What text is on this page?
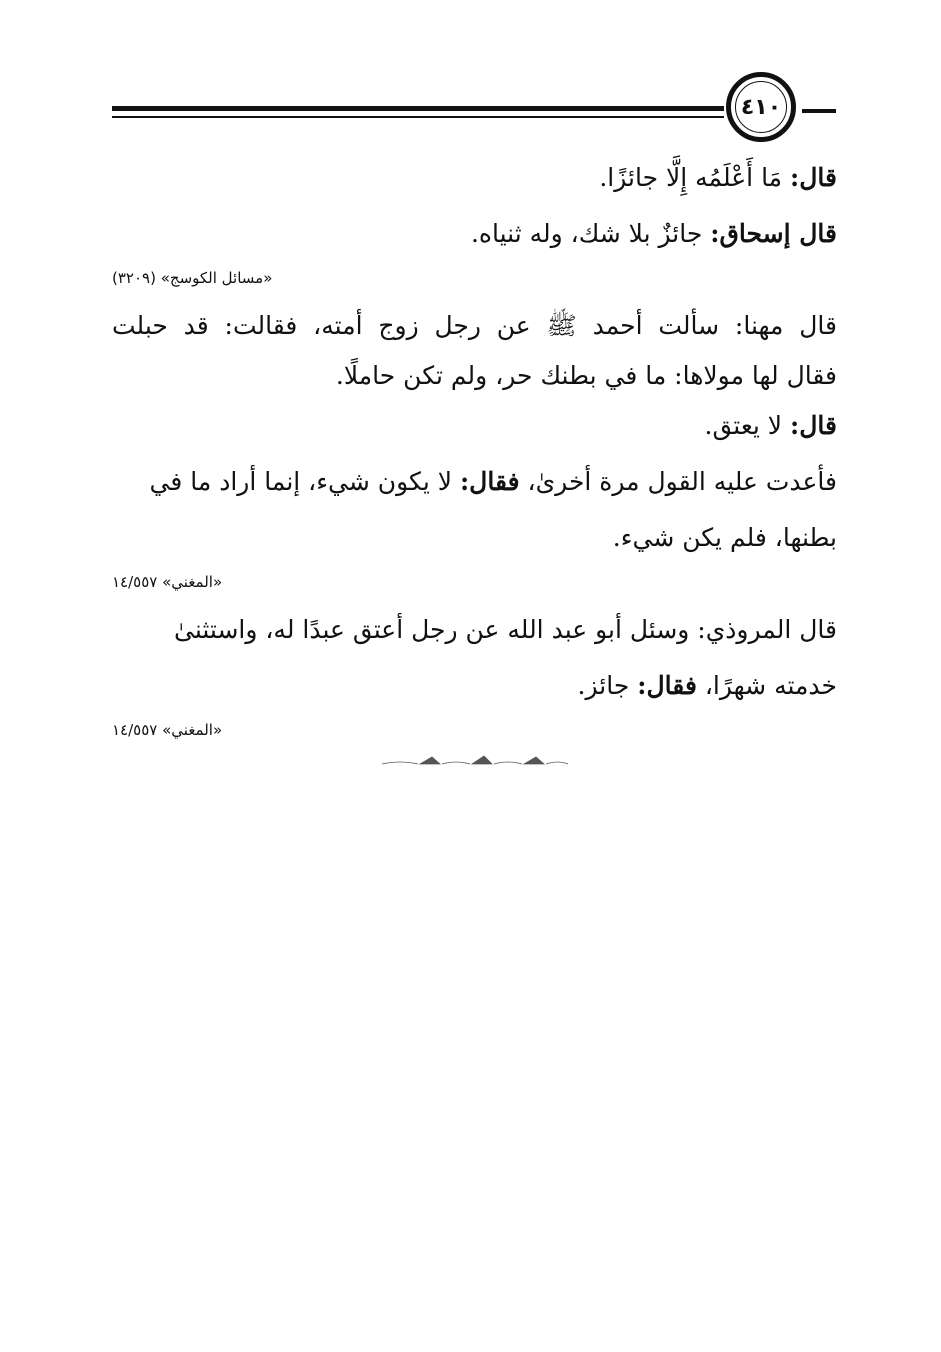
٤١٠
قال: مَا أَعْلَمُه إِلَّا جائزًا.
قال إسحاق: جائزٌ بلا شك، وله ثنياه.
«مسائل الكوسج» (٣٢٠٩)
قال مهنا: سألت أحمد ﷺ عن رجل زوج أمته، فقالت: قد حبلت
فقال لها مولاها: ما في بطنك حر، ولم تكن حاملًا.
قال: لا يعتق.
فأعدت عليه القول مرة أخرىٰ، فقال: لا يكون شيء، إنما أراد ما في
بطنها، فلم يكن شيء.
«المغني» ١٤/٥٥٧
قال المروذي: وسئل أبو عبد الله عن رجل أعتق عبدًا له، واستثنىٰ
خدمته شهرًا، فقال: جائز.
«المغني» ١٤/٥٥٧
